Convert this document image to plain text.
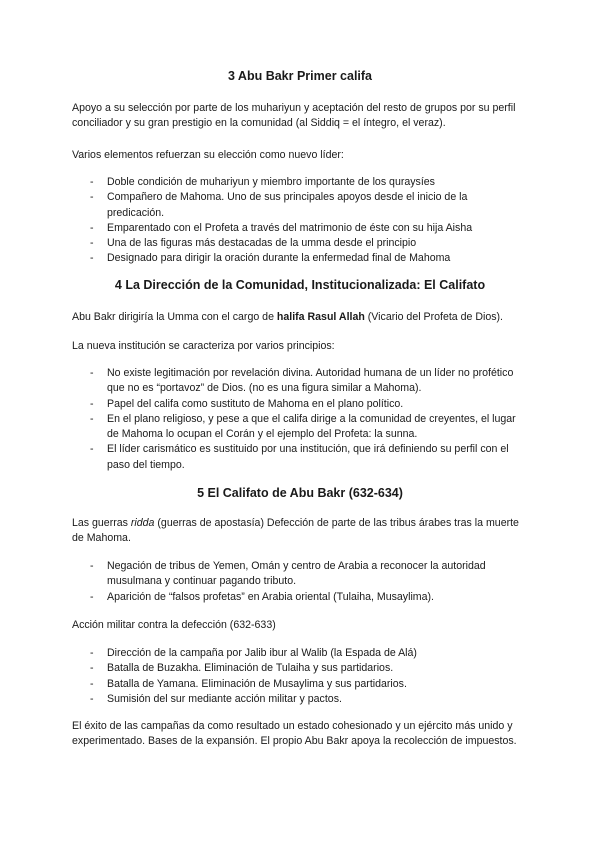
3 Abu Bakr Primer califa

Apoyo a su selección por parte de los muhariyun y aceptación del resto de grupos por su perfil conciliador y su gran prestigio en la comunidad (al Siddiq = el íntegro, el veraz).

Varios elementos refuerzan su elección como nuevo líder:

- Doble condición de muhariyun y miembro importante de los quraysíes
- Compañero de Mahoma. Uno de sus principales apoyos desde el inicio de la predicación.
- Emparentado con el Profeta a través del matrimonio de éste con su hija Aisha
- Una de las figuras más destacadas de la umma desde el principio
- Designado para dirigir la oración durante la enfermedad final de Mahoma
4 La Dirección de la Comunidad, Institucionalizada: El Califato

Abu Bakr dirigiría la Umma con el cargo de halifa Rasul Allah (Vicario del Profeta de Dios).

La nueva institución se caracteriza por varios principios:

- No existe legitimación por revelación divina. Autoridad humana de un líder no profético que no es “portavoz” de Dios. (no es una figura similar a Mahoma).
- Papel del califa como sustituto de Mahoma en el plano político.
- En el plano religioso, y pese a que el califa dirige a la comunidad de creyentes, el lugar de Mahoma lo ocupan el Corán y el ejemplo del Profeta: la sunna.
- El líder carismático es sustituido por una institución, que irá definiendo su perfil con el paso del tiempo.
5 El Califato de Abu Bakr (632-634)

Las guerras ridda (guerras de apostasía) Defección de parte de las tribus árabes tras la muerte de Mahoma.

- Negación de tribus de Yemen, Omán y centro de Arabia a reconocer la autoridad musulmana y continuar pagando tributo.
- Aparición de “falsos profetas” en Arabia oriental (Tulaiha, Musaylima).

Acción militar contra la defección (632-633)

- Dirección de la campaña por Jalib ibur al Walib (la Espada de Alá)
- Batalla de Buzakha. Eliminación de Tulaiha y sus partidarios.
- Batalla de Yamana. Eliminación de Musaylima y sus partidarios.
- Sumisión del sur mediante acción militar y pactos.

El éxito de las campañas da como resultado un estado cohesionado y un ejército más unido y experimentado. Bases de la expansión. El propio Abu Bakr apoya la recolección de impuestos.
